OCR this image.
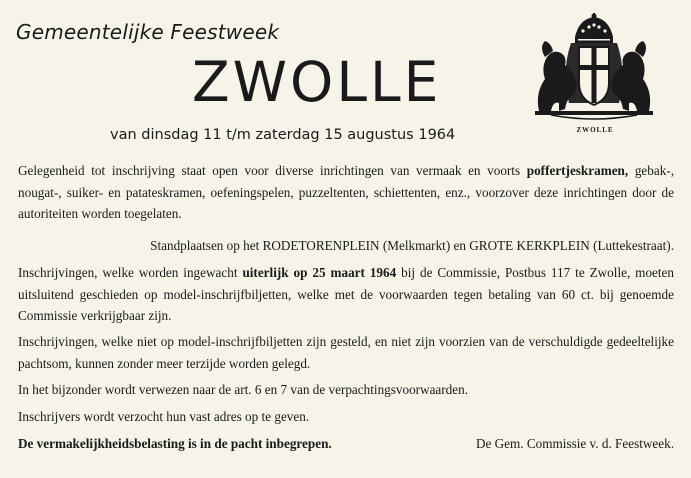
Gemeentelijke Feestweek
ZWOLLE
van dinsdag 11 t/m zaterdag 15 augustus 1964	ZWOLLE
Gelegenheid tot inschrijving staat open voor diverse inrichtingen van vermaak en voorts poffertjeskramen, gebak-, nougat-, suiker- en patateskramen, oefeningspelen, puzzeltenten, schiettenten, enz., voorzover deze inrichtingen door de autoriteiten worden toegelaten.
Standplaatsen op het RODETORENPLEIN (Melkmarkt) en GROTE KERKPLEIN (Luttekestraat).
Inschrijvingen, welke worden ingewacht uiterlijk op 25 maart 1964 bij de Commissie, Postbus 117 te Zwolle, moeten uitsluitend geschieden op model-inschrijfbiljetten, welke met de voorwaarden tegen betaling van 60 ct. bij genoemde Commissie verkrijgbaar zijn.
Inschrijvingen, welke niet op model-inschrijfbiljetten zijn gesteld, en niet zijn voorzien van de verschuldigde gedeeltelijke pachtsom, kunnen zonder meer terzijde worden gelegd.
In het bijzonder wordt verwezen naar de art. 6 en 7 van de verpachtingsvoorwaarden.
Inschrijvers wordt verzocht hun vast adres op te geven.
De vermakelijkheidsbelasting is in de pacht inbegrepen.	De Gem. Commissie v. d. Feestweek.
